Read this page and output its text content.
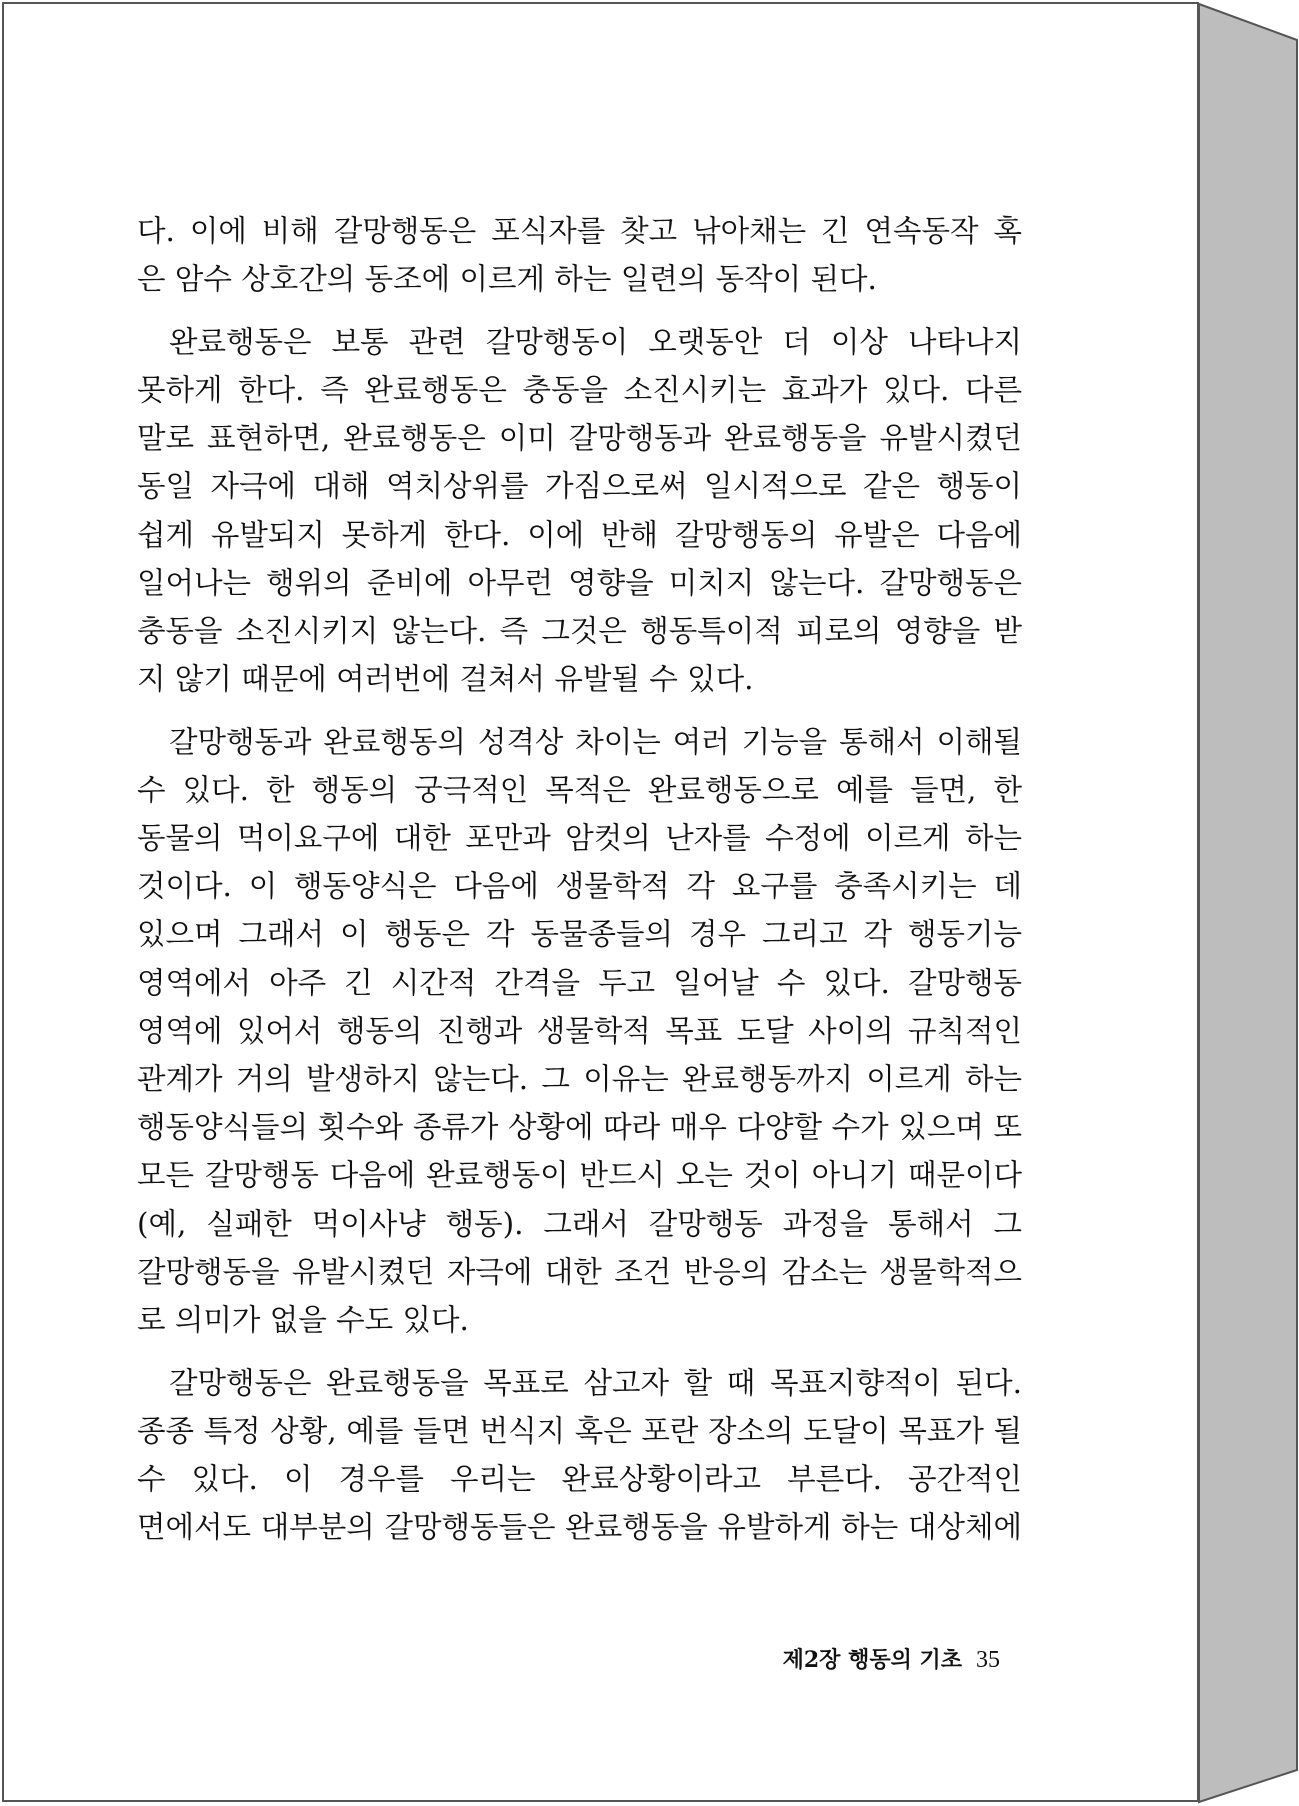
다. 이에 비해 갈망행동은 포식자를 찾고 낚아채는 긴 연속동작 혹
은 암수 상호간의 동조에 이르게 하는 일련의 동작이 된다.

완료행동은 보통 관련 갈망행동이 오랫동안 더 이상 나타나지 못하게 한다. 즉 완료행동은 충동을 소진시키는 효과가 있다. 다른 말로 표현하면, 완료행동은 이미 갈망행동과 완료행동을 유발시켰던 동일 자극에 대해 역치상위를 가짐으로써 일시적으로 같은 행동이 쉽게 유발되지 못하게 한다. 이에 반해 갈망행동의 유발은 다음에 일어나는 행위의 준비에 아무런 영향을 미치지 않는다. 갈망행동은 충동을 소진시키지 않는다. 즉 그것은 행동특이적 피로의 영향을 받
지 않기 때문에 여러번에 걸쳐서 유발될 수 있다.

갈망행동과 완료행동의 성격상 차이는 여러 기능을 통해서 이해될 수 있다. 한 행동의 궁극적인 목적은 완료행동으로 예를 들면, 한 동물의 먹이요구에 대한 포만과 암컷의 난자를 수정에 이르게 하는 것이다. 이 행동양식은 다음에 생물학적 각 요구를 충족시키는 데 있으며 그래서 이 행동은 각 동물종들의 경우 그리고 각 행동기능 영역에서 아주 긴 시간적 간격을 두고 일어날 수 있다. 갈망행동 영역에 있어서 행동의 진행과 생물학적 목표 도달 사이의 규칙적인 관계가 거의 발생하지 않는다. 그 이유는 완료행동까지 이르게 하는 행동양식들의 횟수와 종류가 상황에 따라 매우 다양할 수가 있으며 또 모든 갈망행동 다음에 완료행동이 반드시 오는 것이 아니기 때문이다(예, 실패한 먹이사냥 행동). 그래서 갈망행동 과정을 통해서 그 갈망행동을 유발시켰던 자극에 대한 조건 반응의 감소는 생물학적으
로 의미가 없을 수도 있다.

갈망행동은 완료행동을 목표로 삼고자 할 때 목표지향적이 된다. 종종 특정 상황, 예를 들면 번식지 혹은 포란 장소의 도달이 목표가 될 수 있다. 이 경우를 우리는 완료상황이라고 부른다. 공간적인 면에서도 대부분의 갈망행동들은 완료행동을 유발하게 하는 대상체에

제2장 행동의 기초 35
